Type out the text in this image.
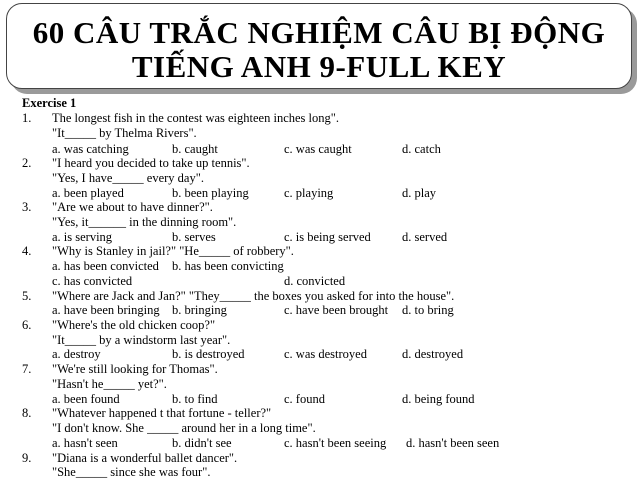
60 CÂU TRẮC NGHIỆM CÂU BỊ ĐỘNG
TIẾNG ANH 9-FULL KEY
Exercise 1
1. The longest fish in the contest was eighteen inches long".
"It_____ by Thelma Rivers".
a. was catching	b. caught	c. was caught	d. catch
2. "I heard you decided to take up tennis".
"Yes, I have_____ every day".
a. been played	b. been playing	c. playing	d. play
3. "Are we about to have dinner?".
"Yes, it______ in the dinning room".
a. is serving	b. serves	c. is being served d. served
4. "Why is Stanley in jail?" "He_____ of robbery".
a. has been convicted b. has been convicting
c. has convicted	d. convicted
5. "Where are Jack and Jan?" "They_____ the boxes you asked for into the house".
a. have been bringing b. bringing	c. have been brought d. to bring
6. "Where's the old chicken coop?"
"It_____ by a windstorm last year".
a. destroy	b. is destroyed	c. was destroyed	d. destroyed
7. "We're still looking for Thomas".
"Hasn't he_____ yet?".
a. been found	b. to find	c. found	d. being found
8. "Whatever happened t that fortune - teller?"
"I don't know. She _____ around her in a long time".
a. hasn't seen	b. didn't see	c. hasn't been seeing d. hasn't been seen
9. "Diana is a wonderful ballet dancer".
"She_____ since she was four".
